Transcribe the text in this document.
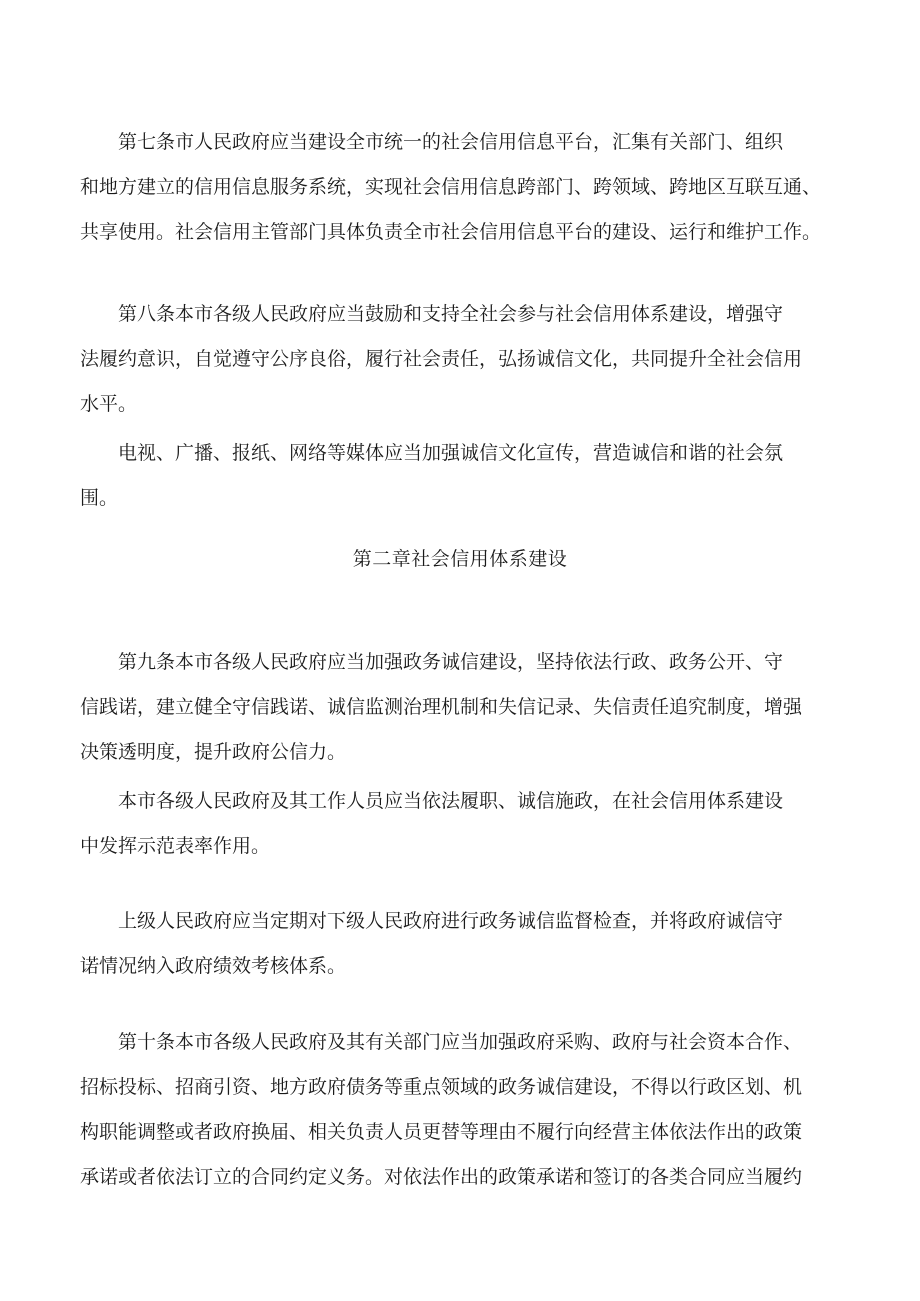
第七条市人民政府应当建设全市统一的社会信用信息平台，汇集有关部门、组织
和地方建立的信用信息服务系统，实现社会信用信息跨部门、跨领域、跨地区互联互通、
共享使用。社会信用主管部门具体负责全市社会信用信息平台的建设、运行和维护工作。
第八条本市各级人民政府应当鼓励和支持全社会参与社会信用体系建设，增强守
法履约意识，自觉遵守公序良俗，履行社会责任，弘扬诚信文化，共同提升全社会信用
水平。
电视、广播、报纸、网络等媒体应当加强诚信文化宣传，营造诚信和谐的社会氛
围。
第二章社会信用体系建设
第九条本市各级人民政府应当加强政务诚信建设，坚持依法行政、政务公开、守
信践诺，建立健全守信践诺、诚信监测治理机制和失信记录、失信责任追究制度，增强
决策透明度，提升政府公信力。
本市各级人民政府及其工作人员应当依法履职、诚信施政，在社会信用体系建设
中发挥示范表率作用。
上级人民政府应当定期对下级人民政府进行政务诚信监督检查，并将政府诚信守
诺情况纳入政府绩效考核体系。
第十条本市各级人民政府及其有关部门应当加强政府采购、政府与社会资本合作、
招标投标、招商引资、地方政府债务等重点领域的政务诚信建设，不得以行政区划、机
构职能调整或者政府换届、相关负责人员更替等理由不履行向经营主体依法作出的政策
承诺或者依法订立的合同约定义务。对依法作出的政策承诺和签订的各类合同应当履约
